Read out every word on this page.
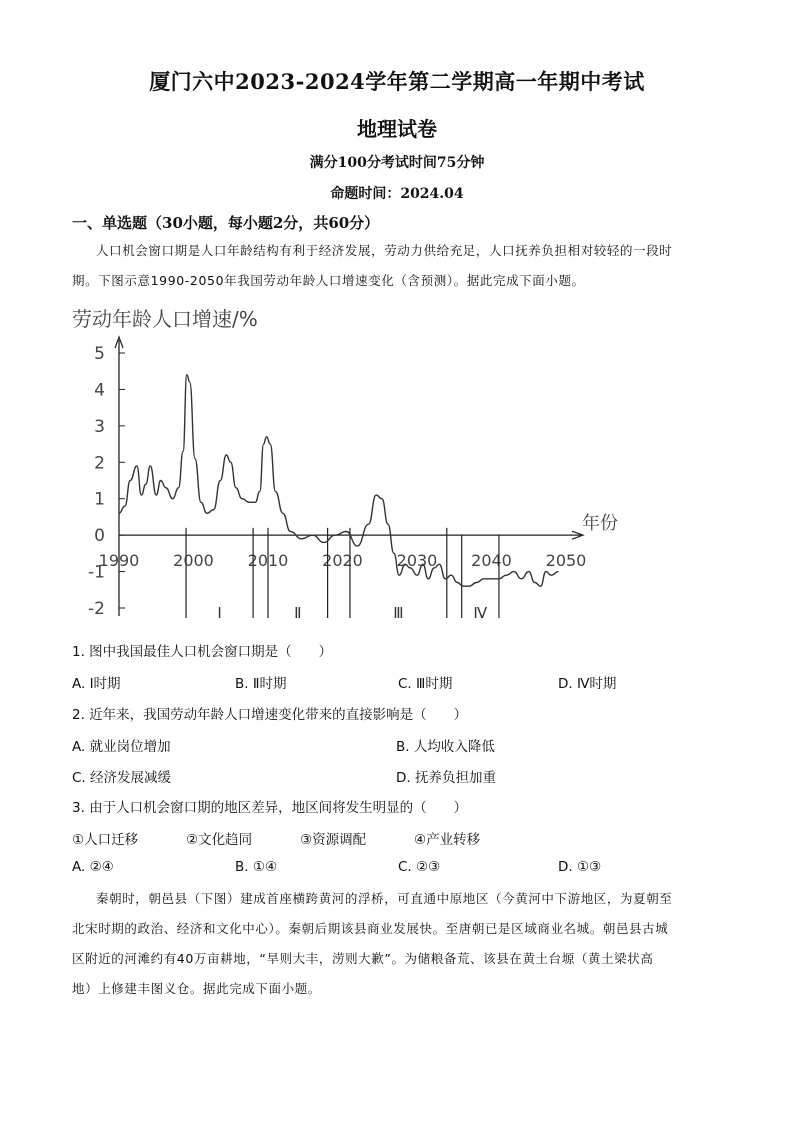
厦门六中2023-2024学年第二学期高一年期中考试
地理试卷
满分100分考试时间75分钟
命题时间：2024.04
一、单选题（30小题，每小题2分，共60分）
人口机会窗口期是人口年龄结构有利于经济发展，劳动力供给充足，人口抚养负担相对较轻的一段时
期。下图示意1990-2050年我国劳动年龄人口增速变化（含预测）。据此完成下面小题。
劳动年龄人口增速/%
年份
5
4
3
2
1
0
-1
-2
1990 2000 2010 2020 2030 2040 2050
Ⅰ	Ⅱ	Ⅲ	Ⅳ
1. 图中我国最佳人口机会窗口期是（　　）
A. Ⅰ时期	B. Ⅱ时期	C. Ⅲ时期	D. Ⅳ时期
2. 近年来，我国劳动年龄人口增速变化带来的直接影响是（　　）
A. 就业岗位增加	B. 人均收入降低
C. 经济发展减缓	D. 抚养负担加重
3. 由于人口机会窗口期的地区差异，地区间将发生明显的（　　）
①人口迁移	②文化趋同	③资源调配	④产业转移
A. ②④	B. ①④	C. ②③	D. ①③
秦朝时，朝邑县（下图）建成首座横跨黄河的浮桥，可直通中原地区（今黄河中下游地区，为夏朝至
北宋时期的政治、经济和文化中心）。秦朝后期该县商业发展快。至唐朝已是区域商业名城。朝邑县古城
区附近的河滩约有40万亩耕地，“旱则大丰，涝则大歉”。为储粮备荒、该县在黄土台塬（黄土梁状高
地）上修建丰图义仓。据此完成下面小题。
